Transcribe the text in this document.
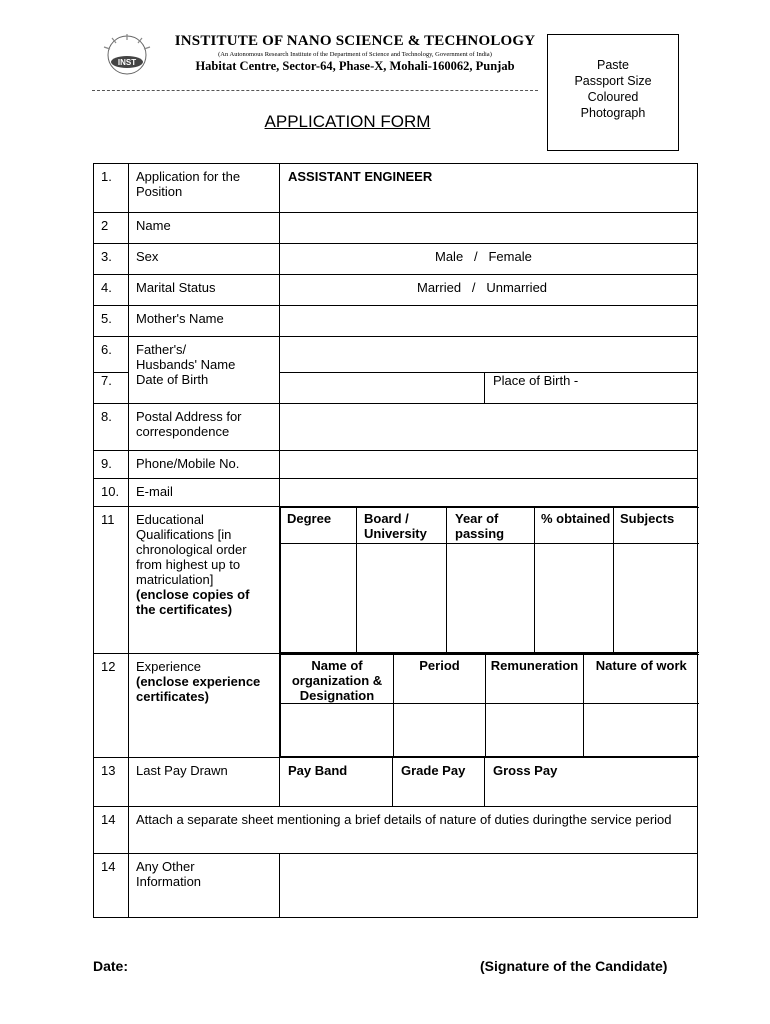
INST
INSTITUTE OF NANO SCIENCE & TECHNOLOGY
(An Autonomous Research Institute of the Department of Science and Technology, Government of India)
Habitat Centre, Sector-64, Phase-X, Mohali-160062, Punjab	Paste
Passport Size
Coloured
Photograph
APPLICATION FORM
1.	Application for the
Position	ASSISTANT ENGINEER
2	Name	
3.	Sex	Male   /   Female
4.	Marital Status	Married   /   Unmarried
5.	Mother's Name	
6.	Father's/
Husbands' Name	
7.	Date of Birth		Place of Birth -
8.	Postal Address for
correspondence	
9.	Phone/Mobile No.	
10.	E-mail	
11	Educational
Qualifications [in
chronological order
from highest up to
matriculation]
(enclose copies of
the certificates)	
Degree	Board / University	Year of passing	% obtained	Subjects

12	Experience
(enclose experience
certificates)	
Name of organization & Designation	Period	Remuneration	Nature of work

13	Last Pay Drawn	Pay Band	Grade Pay	Gross Pay
14	Attach a separate sheet mentioning a brief details of nature of duties duringthe service period
14	Any Other
Information	
Date:	(Signature of the Candidate)
